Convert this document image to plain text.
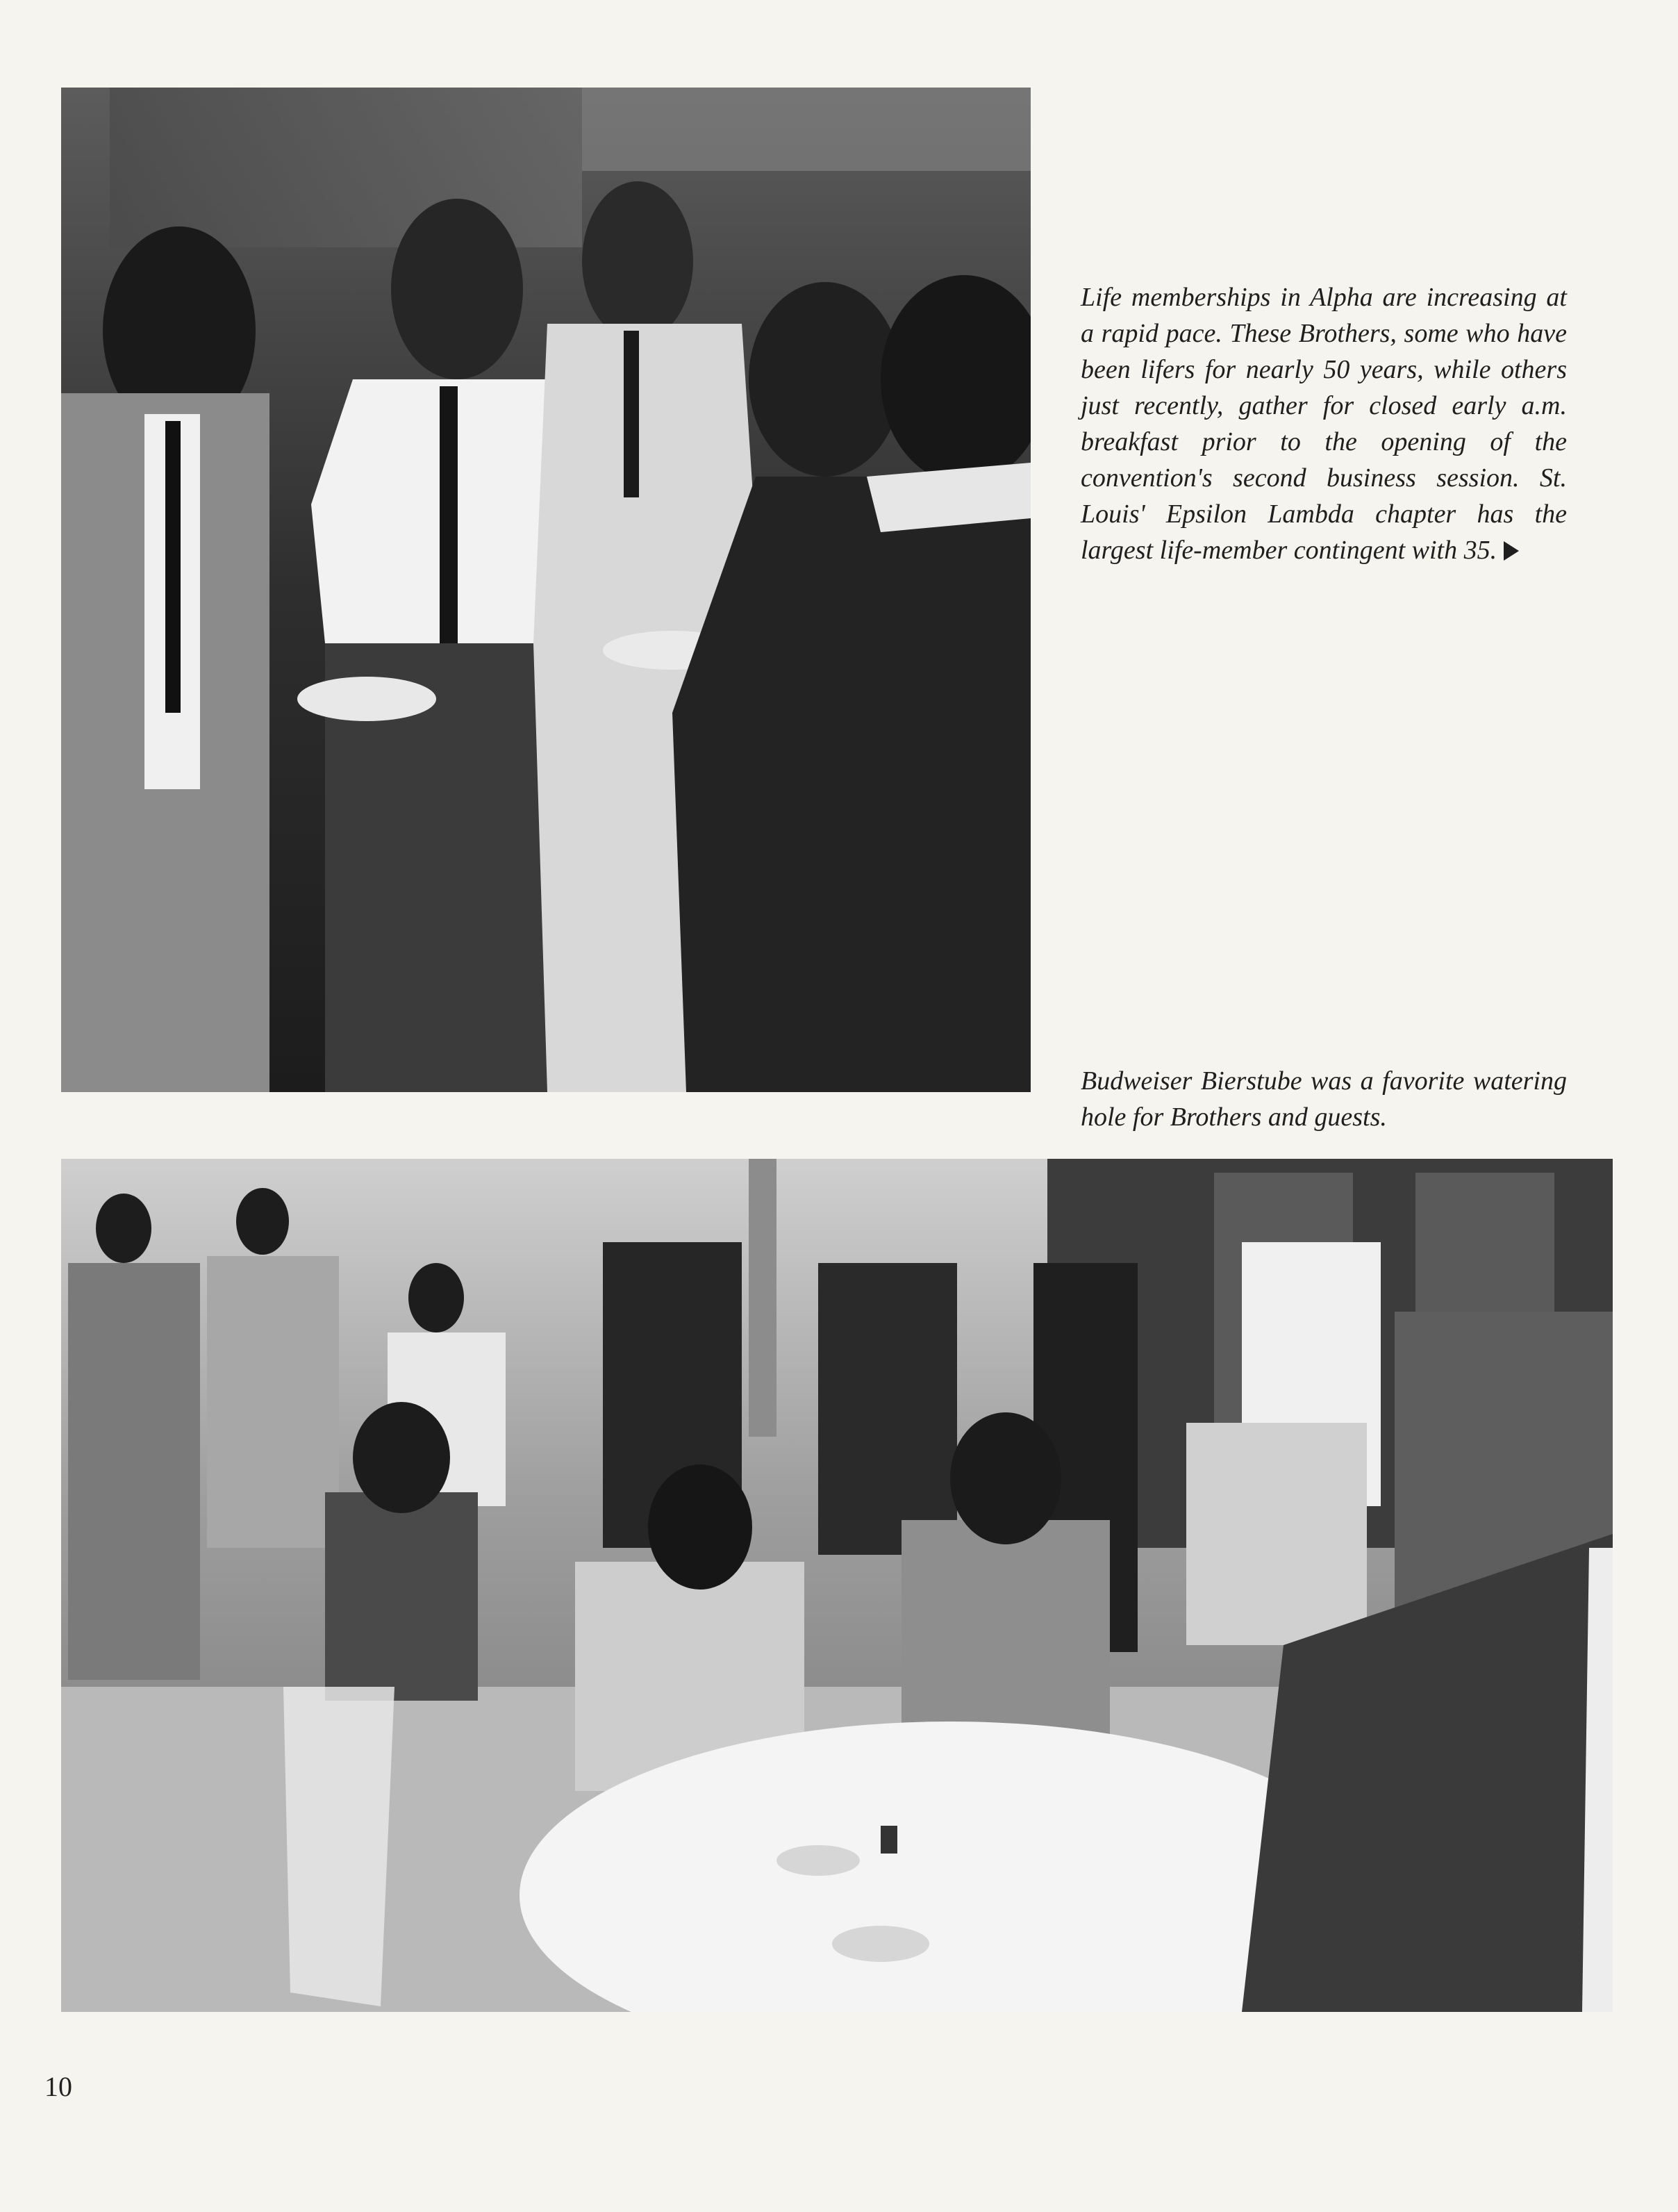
Life memberships in Alpha are increasing at a rapid pace. These Brothers, some who have been lifers for nearly 50 years, while others just recently, gather for closed early a.m. breakfast prior to the opening of the convention's second business session. St. Louis' Epsilon Lambda chapter has the largest life-member contingent with 35.

Budweiser Bierstube was a favorite watering hole for Brothers and guests.

10
